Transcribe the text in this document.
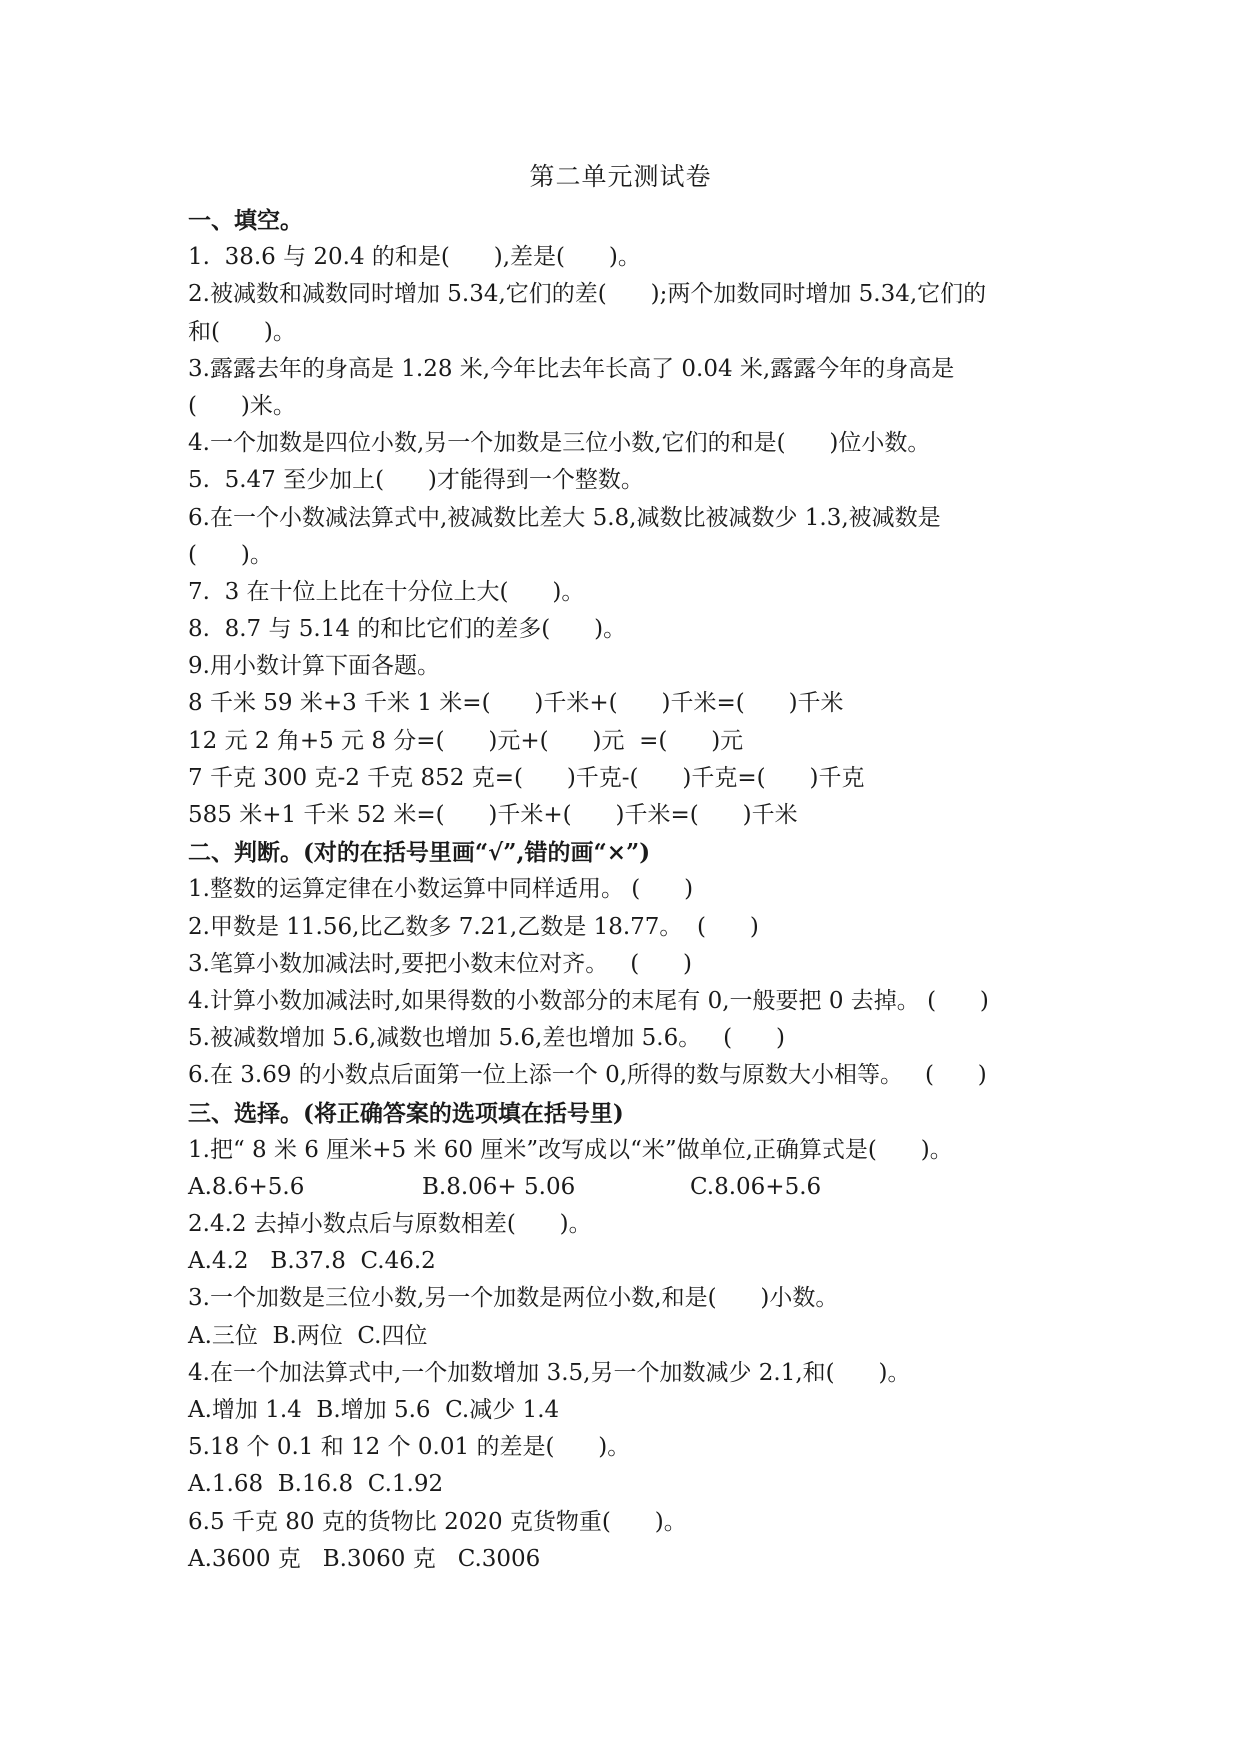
第二单元测试卷
一、填空。
1.  38.6 与 20.4 的和是(      ),差是(      )。
2.被减数和减数同时增加 5.34,它们的差(      );两个加数同时增加 5.34,它们的
和(      )。
3.露露去年的身高是 1.28 米,今年比去年长高了 0.04 米,露露今年的身高是
(      )米。
4.一个加数是四位小数,另一个加数是三位小数,它们的和是(      )位小数。
5.  5.47 至少加上(      )才能得到一个整数。
6.在一个小数减法算式中,被减数比差大 5.8,减数比被减数少 1.3,被减数是
(      )。
7.  3 在十位上比在十分位上大(      )。
8.  8.7 与 5.14 的和比它们的差多(      )。
9.用小数计算下面各题。
8 千米 59 米+3 千米 1 米=(      )千米+(      )千米=(      )千米
12 元 2 角+5 元 8 分=(      )元+(      )元  =(      )元
7 千克 300 克-2 千克 852 克=(      )千克-(      )千克=(      )千克
585 米+1 千米 52 米=(      )千米+(      )千米=(      )千米
二、判断。(对的在括号里画“√”,错的画“×”)
1.整数的运算定律在小数运算中同样适用。 (      )
2.甲数是 11.56,比乙数多 7.21,乙数是 18.77。  (      )
3.笔算小数加减法时,要把小数末位对齐。   (      )
4.计算小数加减法时,如果得数的小数部分的末尾有 0,一般要把 0 去掉。 (      )
5.被减数增加 5.6,减数也增加 5.6,差也增加 5.6。   (      )
6.在 3.69 的小数点后面第一位上添一个 0,所得的数与原数大小相等。   (      )
三、选择。(将正确答案的选项填在括号里)
1.把“ 8 米 6 厘米+5 米 60 厘米”改写成以“米”做单位,正确算式是(      )。

A.8.6+5.6

	B.8.06+ 5.06

	C.8.06+5.6

2.4.2 去掉小数点后与原数相差(      )。
A.4.2   B.37.8  C.46.2
3.一个加数是三位小数,另一个加数是两位小数,和是(      )小数。
A.三位  B.两位  C.四位
4.在一个加法算式中,一个加数增加 3.5,另一个加数减少 2.1,和(      )。
A.增加 1.4  B.增加 5.6  C.减少 1.4
5.18 个 0.1 和 12 个 0.01 的差是(      )。
A.1.68  B.16.8  C.1.92
6.5 千克 80 克的货物比 2020 克货物重(      )。
A.3600 克   B.3060 克   C.3006
